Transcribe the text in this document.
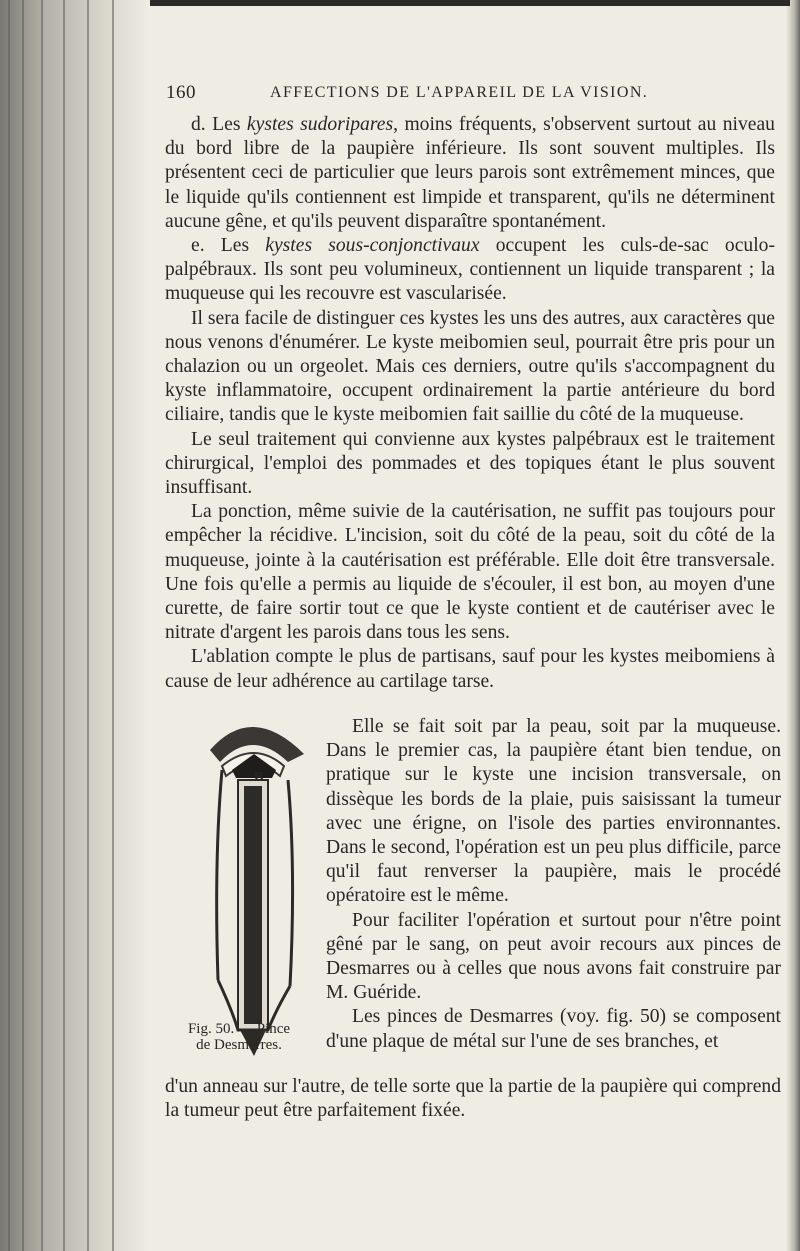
160	AFFECTIONS DE L'APPAREIL DE LA VISION.

d. Les kystes sudoripares, moins fréquents, s'observent surtout au niveau du bord libre de la paupière inférieure. Ils sont souvent multiples. Ils présentent ceci de particulier que leurs parois sont extrêmement minces, que le liquide qu'ils contiennent est limpide et transparent, qu'ils ne déterminent aucune gêne, et qu'ils peuvent disparaître spontanément.

e. Les kystes sous-conjonctivaux occupent les culs-de-sac oculo-palpébraux. Ils sont peu volumineux, contiennent un liquide transparent ; la muqueuse qui les recouvre est vascularisée.

Il sera facile de distinguer ces kystes les uns des autres, aux caractères que nous venons d'énumérer. Le kyste meibomien seul, pourrait être pris pour un chalazion ou un orgeolet. Mais ces derniers, outre qu'ils s'accompagnent du kyste inflammatoire, occupent ordinairement la partie antérieure du bord ciliaire, tandis que le kyste meibomien fait saillie du côté de la muqueuse.

Le seul traitement qui convienne aux kystes palpébraux est le traitement chirurgical, l'emploi des pommades et des topiques étant le plus souvent insuffisant.

La ponction, même suivie de la cautérisation, ne suffit pas toujours pour empêcher la récidive. L'incision, soit du côté de la peau, soit du côté de la muqueuse, jointe à la cautérisation est préférable. Elle doit être transversale. Une fois qu'elle a permis au liquide de s'écouler, il est bon, au moyen d'une curette, de faire sortir tout ce que le kyste contient et de cautériser avec le nitrate d'argent les parois dans tous les sens.

L'ablation compte le plus de partisans, sauf pour les kystes meibomiens à cause de leur adhérence au cartilage tarse.

B
Fig. 50. — Pince de Desmarres.

Elle se fait soit par la peau, soit par la muqueuse. Dans le premier cas, la paupière étant bien tendue, on pratique sur le kyste une incision transversale, on dissèque les bords de la plaie, puis saisissant la tumeur avec une érigne, on l'isole des parties environnantes. Dans le second, l'opération est un peu plus difficile, parce qu'il faut renverser la paupière, mais le procédé opératoire est le même.

Pour faciliter l'opération et surtout pour n'être point gêné par le sang, on peut avoir recours aux pinces de Desmarres ou à celles que nous avons fait construire par M. Guéride.

Les pinces de Desmarres (voy. fig. 50) se composent d'une plaque de métal sur l'une de ses branches, et

d'un anneau sur l'autre, de telle sorte que la partie de la paupière qui comprend la tumeur peut être parfaitement fixée.
